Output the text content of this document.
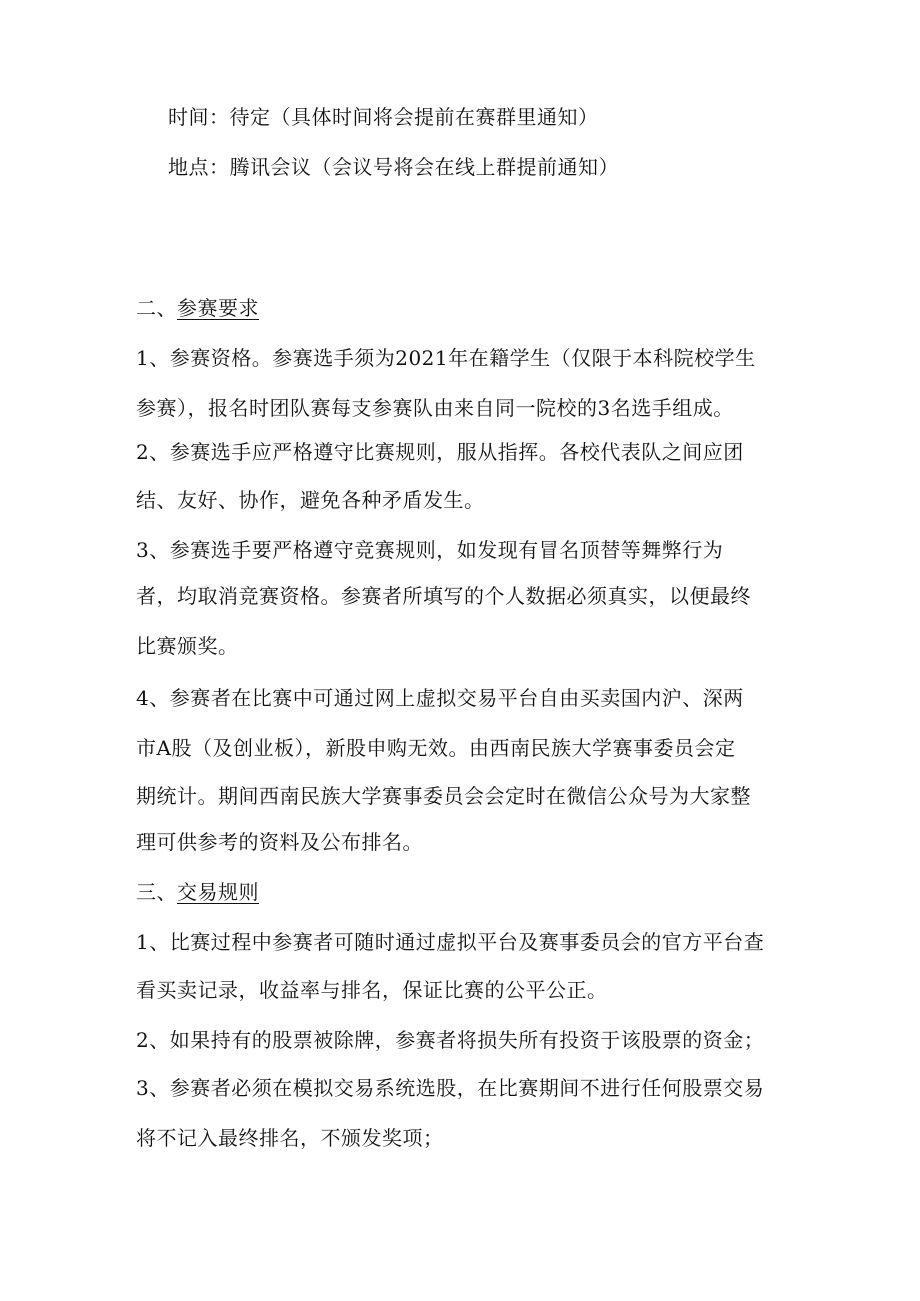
时间：待定（具体时间将会提前在赛群里通知）
地点：腾讯会议（会议号将会在线上群提前通知）
二、参赛要求
1、参赛资格。参赛选手须为2021年在籍学生（仅限于本科院校学生
参赛），报名时团队赛每支参赛队由来自同一院校的3名选手组成。
2、参赛选手应严格遵守比赛规则，服从指挥。各校代表队之间应团
结、友好、协作，避免各种矛盾发生。
3、参赛选手要严格遵守竞赛规则，如发现有冒名顶替等舞弊行为
者，均取消竞赛资格。参赛者所填写的个人数据必须真实，以便最终
比赛颁奖。
4、参赛者在比赛中可通过网上虚拟交易平台自由买卖国内沪、深两
市A股（及创业板），新股申购无效。由西南民族大学赛事委员会定
期统计。期间西南民族大学赛事委员会会定时在微信公众号为大家整
理可供参考的资料及公布排名。
三、交易规则
1、比赛过程中参赛者可随时通过虚拟平台及赛事委员会的官方平台查
看买卖记录，收益率与排名，保证比赛的公平公正。
2、如果持有的股票被除牌，参赛者将损失所有投资于该股票的资金；
3、参赛者必须在模拟交易系统选股，在比赛期间不进行任何股票交易
将不记入最终排名，不颁发奖项；
